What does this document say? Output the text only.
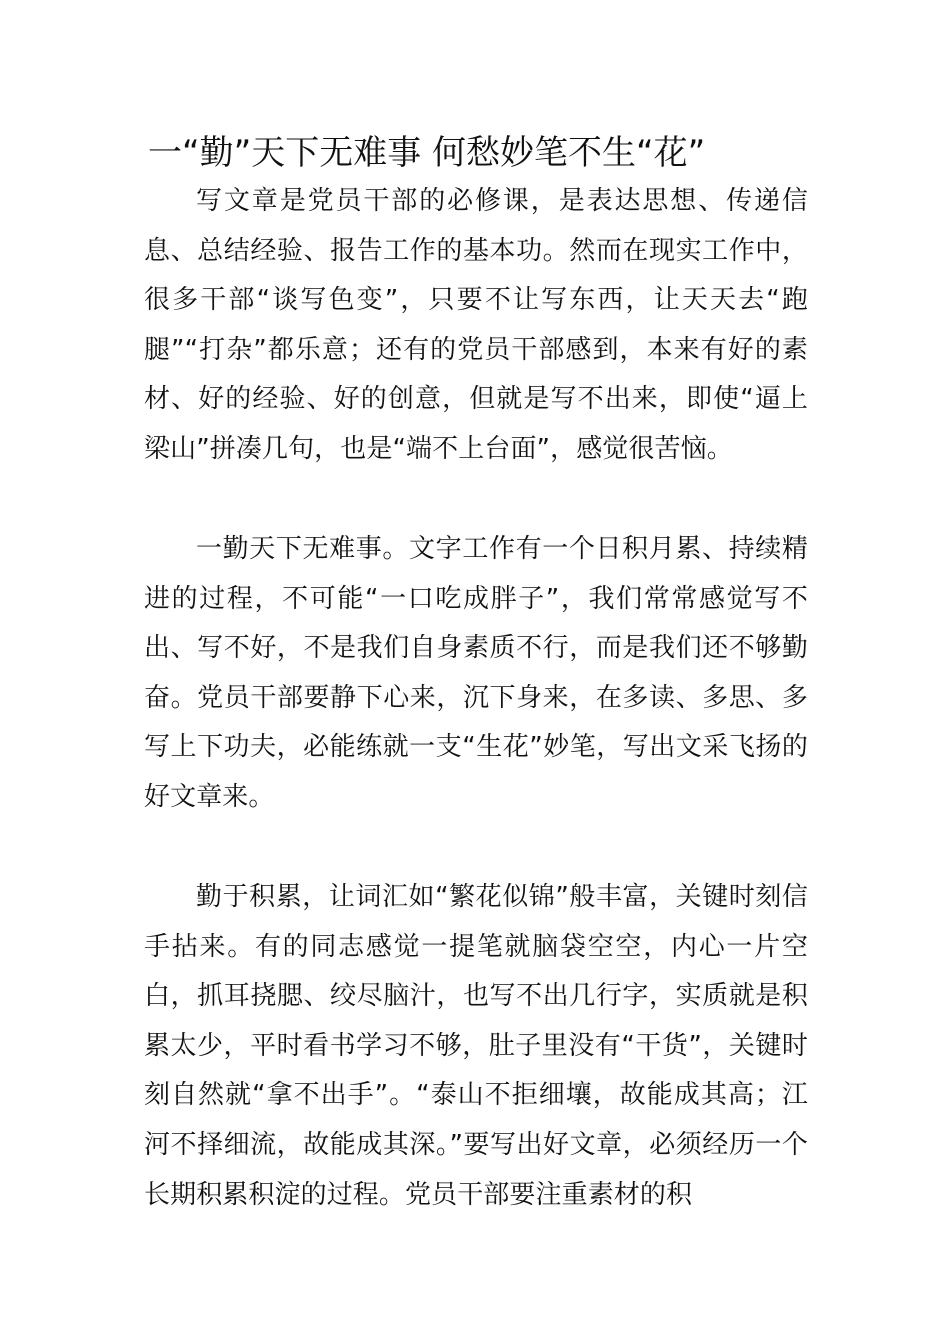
一“勤”天下无难事 何愁妙笔不生“花”

写文章是党员干部的必修课，是表达思想、传递信息、总结经验、报告工作的基本功。然而在现实工作中，很多干部“谈写色变”，只要不让写东西，让天天去“跑腿”“打杂”都乐意；还有的党员干部感到，本来有好的素材、好的经验、好的创意，但就是写不出来，即使“逼上梁山”拼凑几句，也是“端不上台面”，感觉很苦恼。

一勤天下无难事。文字工作有一个日积月累、持续精进的过程，不可能“一口吃成胖子”，我们常常感觉写不出、写不好，不是我们自身素质不行，而是我们还不够勤奋。党员干部要静下心来，沉下身来，在多读、多思、多写上下功夫，必能练就一支“生花”妙笔，写出文采飞扬的好文章来。

勤于积累，让词汇如“繁花似锦”般丰富，关键时刻信手拈来。有的同志感觉一提笔就脑袋空空，内心一片空白，抓耳挠腮、绞尽脑汁，也写不出几行字，实质就是积累太少，平时看书学习不够，肚子里没有“干货”，关键时刻自然就“拿不出手”。“泰山不拒细壤，故能成其高；江河不择细流，故能成其深。”要写出好文章，必须经历一个长期积累积淀的过程。党员干部要注重素材的积
